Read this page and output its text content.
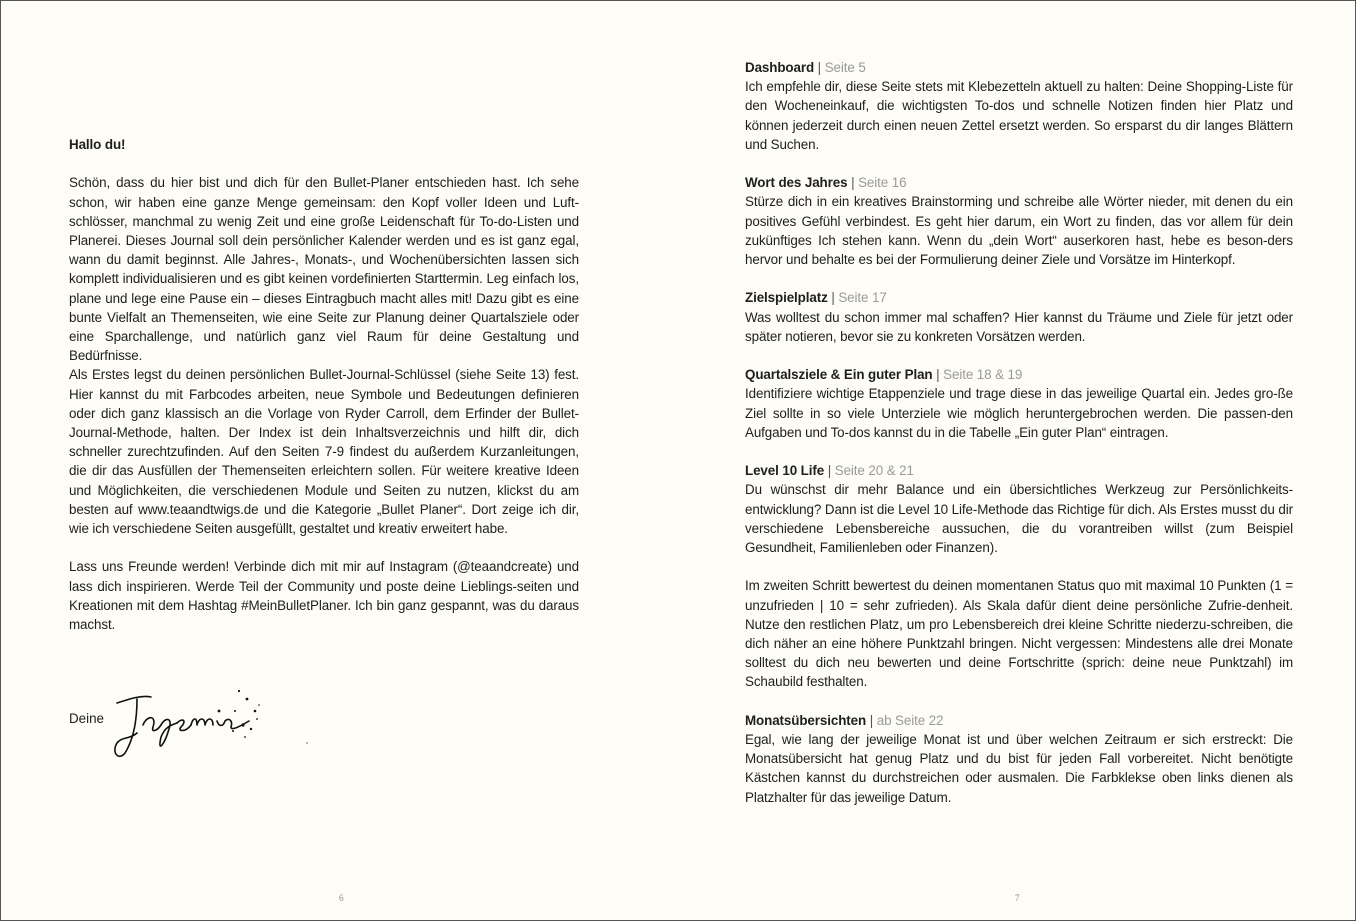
Hallo du!

Schön, dass du hier bist und dich für den Bullet-Planer entschieden hast. Ich sehe schon, wir haben eine ganze Menge gemeinsam: den Kopf voller Ideen und Luft-schlösser, manchmal zu wenig Zeit und eine große Leidenschaft für To-do-Listen und Planerei. Dieses Journal soll dein persönlicher Kalender werden und es ist ganz egal, wann du damit beginnst. Alle Jahres-, Monats-, und Wochenübersichten lassen sich komplett individualisieren und es gibt keinen vordefinierten Starttermin. Leg einfach los, plane und lege eine Pause ein – dieses Eintragbuch macht alles mit! Dazu gibt es eine bunte Vielfalt an Themenseiten, wie eine Seite zur Planung deiner Quartalsziele oder eine Sparchallenge, und natürlich ganz viel Raum für deine Gestaltung und Bedürfnisse.

Als Erstes legst du deinen persönlichen Bullet-Journal-Schlüssel (siehe Seite 13) fest. Hier kannst du mit Farbcodes arbeiten, neue Symbole und Bedeutungen definieren oder dich ganz klassisch an die Vorlage von Ryder Carroll, dem Erfinder der Bullet-Journal-Methode, halten. Der Index ist dein Inhaltsverzeichnis und hilft dir, dich schneller zurechtzufinden. Auf den Seiten 7-9 findest du außerdem Kurzanleitungen, die dir das Ausfüllen der Themenseiten erleichtern sollen. Für weitere kreative Ideen und Möglichkeiten, die verschiedenen Module und Seiten zu nutzen, klickst du am besten auf www.teaandtwigs.de und die Kategorie „Bullet Planer“. Dort zeige ich dir, wie ich verschiedene Seiten ausgefüllt, gestaltet und kreativ erweitert habe.

Lass uns Freunde werden! Verbinde dich mit mir auf Instagram (@teaandcreate) und lass dich inspirieren. Werde Teil der Community und poste deine Lieblings-seiten und Kreationen mit dem Hashtag #MeinBulletPlaner. Ich bin ganz gespannt, was du daraus machst.

Deine
6
Dashboard | Seite 5

Ich empfehle dir, diese Seite stets mit Klebezetteln aktuell zu halten: Deine Shopping-Liste für den Wocheneinkauf, die wichtigsten To-dos und schnelle Notizen finden hier Platz und können jederzeit durch einen neuen Zettel ersetzt werden. So ersparst du dir langes Blättern und Suchen.

Wort des Jahres | Seite 16

Stürze dich in ein kreatives Brainstorming und schreibe alle Wörter nieder, mit denen du ein positives Gefühl verbindest. Es geht hier darum, ein Wort zu finden, das vor allem für dein zukünftiges Ich stehen kann. Wenn du „dein Wort“ auserkoren hast, hebe es beson-ders hervor und behalte es bei der Formulierung deiner Ziele und Vorsätze im Hinterkopf.

Zielspielplatz | Seite 17

Was wolltest du schon immer mal schaffen? Hier kannst du Träume und Ziele für jetzt oder später notieren, bevor sie zu konkreten Vorsätzen werden.

Quartalsziele & Ein guter Plan | Seite 18 & 19

Identifiziere wichtige Etappenziele und trage diese in das jeweilige Quartal ein. Jedes gro-ße Ziel sollte in so viele Unterziele wie möglich heruntergebrochen werden. Die passen-den Aufgaben und To-dos kannst du in die Tabelle „Ein guter Plan“ eintragen.

Level 10 Life | Seite 20 & 21

Du wünschst dir mehr Balance und ein übersichtliches Werkzeug zur Persönlichkeits-entwicklung? Dann ist die Level 10 Life-Methode das Richtige für dich. Als Erstes musst du dir verschiedene Lebensbereiche aussuchen, die du vorantreiben willst (zum Beispiel Gesundheit, Familienleben oder Finanzen).

Im zweiten Schritt bewertest du deinen momentanen Status quo mit maximal 10 Punkten (1 = unzufrieden | 10 = sehr zufrieden). Als Skala dafür dient deine persönliche Zufrie-denheit. Nutze den restlichen Platz, um pro Lebensbereich drei kleine Schritte niederzu-schreiben, die dich näher an eine höhere Punktzahl bringen. Nicht vergessen: Mindestens alle drei Monate solltest du dich neu bewerten und deine Fortschritte (sprich: deine neue Punktzahl) im Schaubild festhalten.

Monatsübersichten | ab Seite 22

Egal, wie lang der jeweilige Monat ist und über welchen Zeitraum er sich erstreckt: Die Monatsübersicht hat genug Platz und du bist für jeden Fall vorbereitet. Nicht benötigte Kästchen kannst du durchstreichen oder ausmalen. Die Farbklekse oben links dienen als Platzhalter für das jeweilige Datum.

7
